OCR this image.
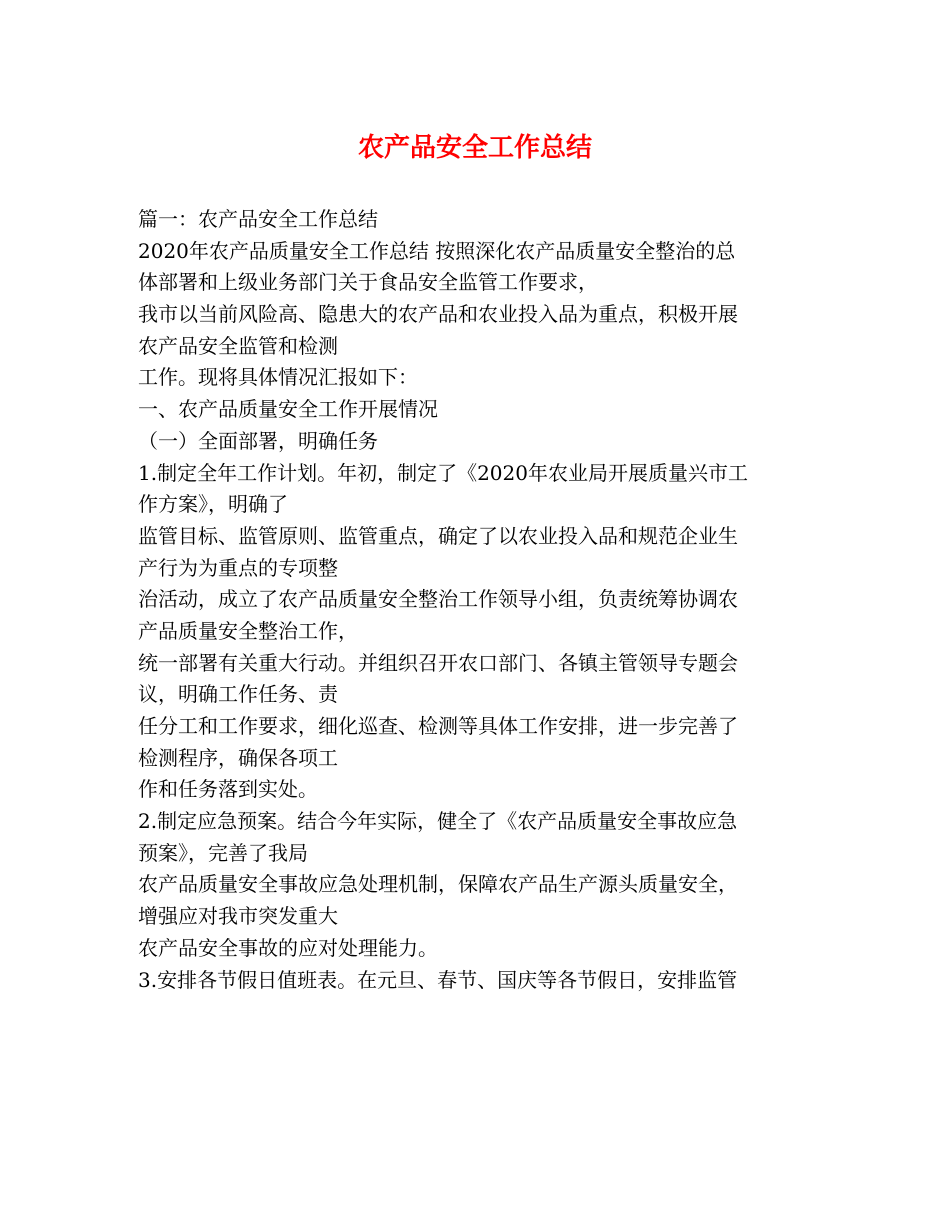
农产品安全工作总结
篇一：农产品安全工作总结
2020年农产品质量安全工作总结 按照深化农产品质量安全整治的总
体部署和上级业务部门关于食品安全监管工作要求，
我市以当前风险高、隐患大的农产品和农业投入品为重点，积极开展
农产品安全监管和检测
工作。现将具体情况汇报如下：
一、农产品质量安全工作开展情况
（一）全面部署，明确任务
1.制定全年工作计划。年初，制定了《2020年农业局开展质量兴市工
作方案》，明确了
监管目标、监管原则、监管重点，确定了以农业投入品和规范企业生
产行为为重点的专项整
治活动，成立了农产品质量安全整治工作领导小组，负责统筹协调农
产品质量安全整治工作，
统一部署有关重大行动。并组织召开农口部门、各镇主管领导专题会
议，明确工作任务、责
任分工和工作要求，细化巡查、检测等具体工作安排，进一步完善了
检测程序，确保各项工
作和任务落到实处。
2.制定应急预案。结合今年实际，健全了《农产品质量安全事故应急
预案》，完善了我局
农产品质量安全事故应急处理机制，保障农产品生产源头质量安全，
增强应对我市突发重大
农产品安全事故的应对处理能力。
3.安排各节假日值班表。在元旦、春节、国庆等各节假日，安排监管
